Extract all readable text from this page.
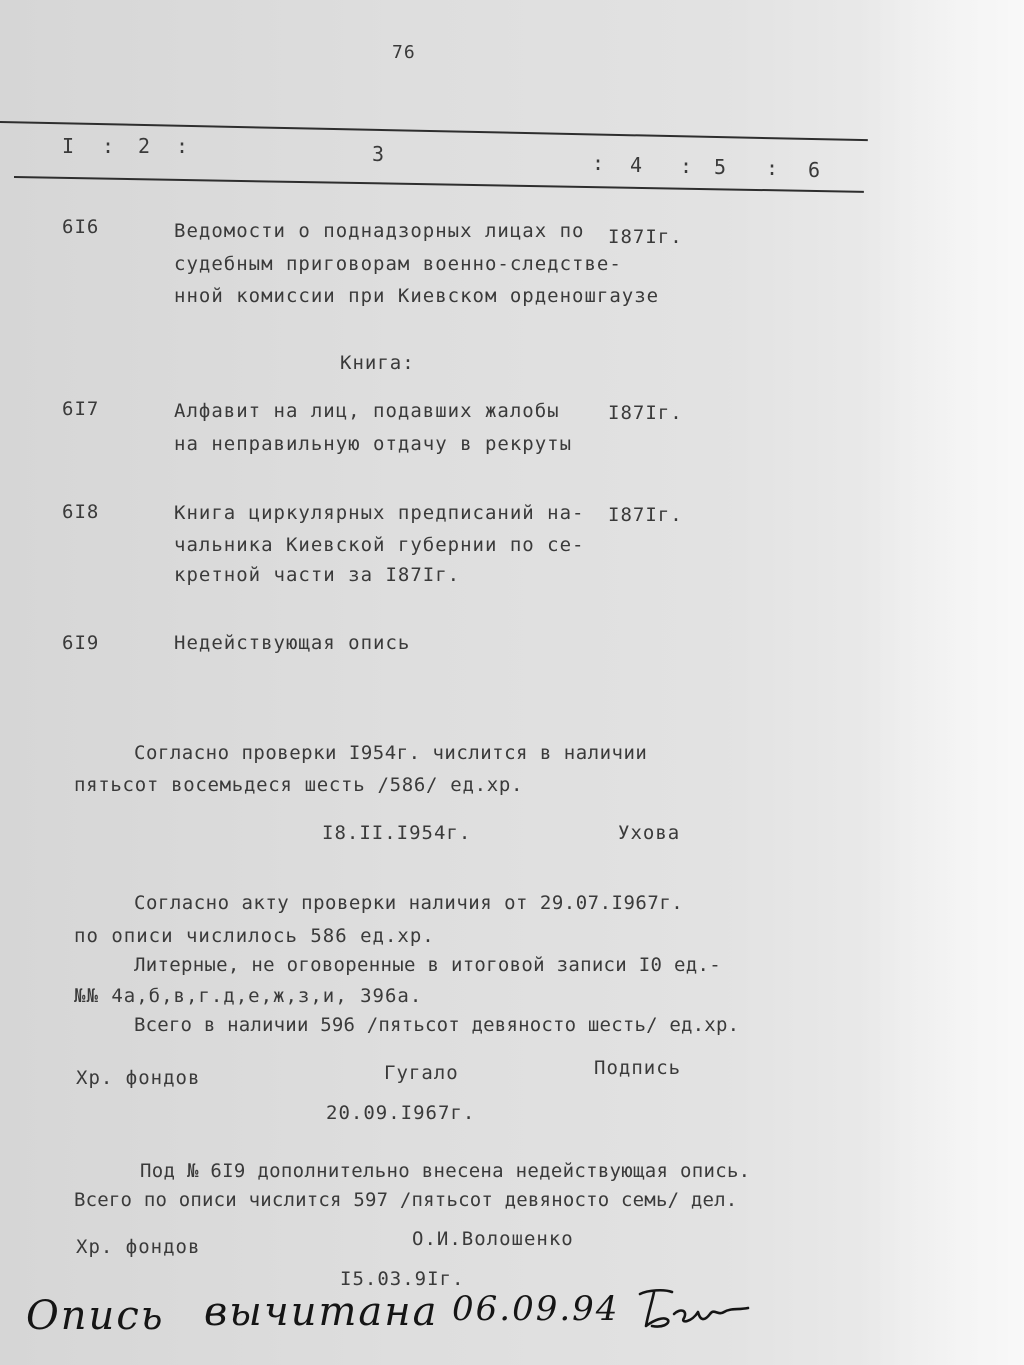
76
I : 2 :	3	: 4 : 5 : 6
6I6	Ведомости о поднадзорных лицах по
судебным приговорам военно-следстве-
нной комиссии при Киевском орденошгаузе
I87Iг.
Книга:
6I7	Алфавит на лиц, подавших жалобы
на неправильную отдачу в рекруты
I87Iг.
6I8	Книга циркулярных предписаний на-
чальника Киевской губернии по се-
кретной части за I87Iг.
I87Iг.
6I9	Недействующая опись
Согласно проверки I954г. числится в наличии
пятьсот восемьдеся шесть /586/ ед.хр.
I8.II.I954г.	Ухова
Согласно акту проверки наличия от 29.07.I967г.
по описи числилось 586 ед.хр.
Литерные, не оговоренные в итоговой записи I0 ед.-
№№ 4а,б,в,г.д,е,ж,з,и, 396а.
Всего в наличии 596 /пятьсот девяносто шесть/ ед.хр.
Хр. фондов	Гугало	Подпись
20.09.I967г.
Под № 6I9 дополнительно внесена недействующая опись.
Всего по описи числится 597 /пятьсот девяносто семь/ дел.
Хр. фондов	О.И.Волошенко
I5.03.9Iг.
Опись вычитана 06.09.94
